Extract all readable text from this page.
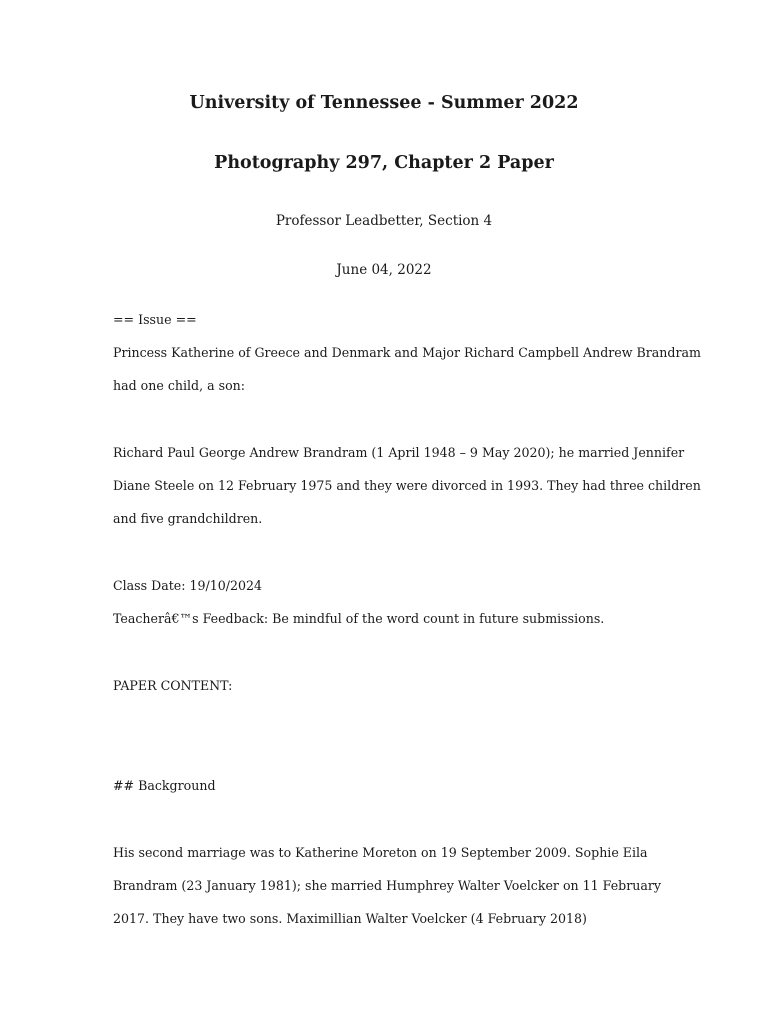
University of Tennessee - Summer 2022
Photography 297, Chapter 2 Paper
Professor Leadbetter, Section 4
June 04, 2022
== Issue ==
Princess Katherine of Greece and Denmark and Major Richard Campbell Andrew Brandram
had one child, a son:
Richard Paul George Andrew Brandram (1 April 1948 – 9 May 2020); he married Jennifer
Diane Steele on 12 February 1975 and they were divorced in 1993. They had three children
and five grandchildren.
Class Date: 19/10/2024
Teacherâ€™s Feedback: Be mindful of the word count in future submissions.
PAPER CONTENT:
## Background
His second marriage was to Katherine Moreton on 19 September 2009. Sophie Eila
Brandram (23 January 1981); she married Humphrey Walter Voelcker on 11 February
2017. They have two sons. Maximillian Walter Voelcker (4 February 2018)
